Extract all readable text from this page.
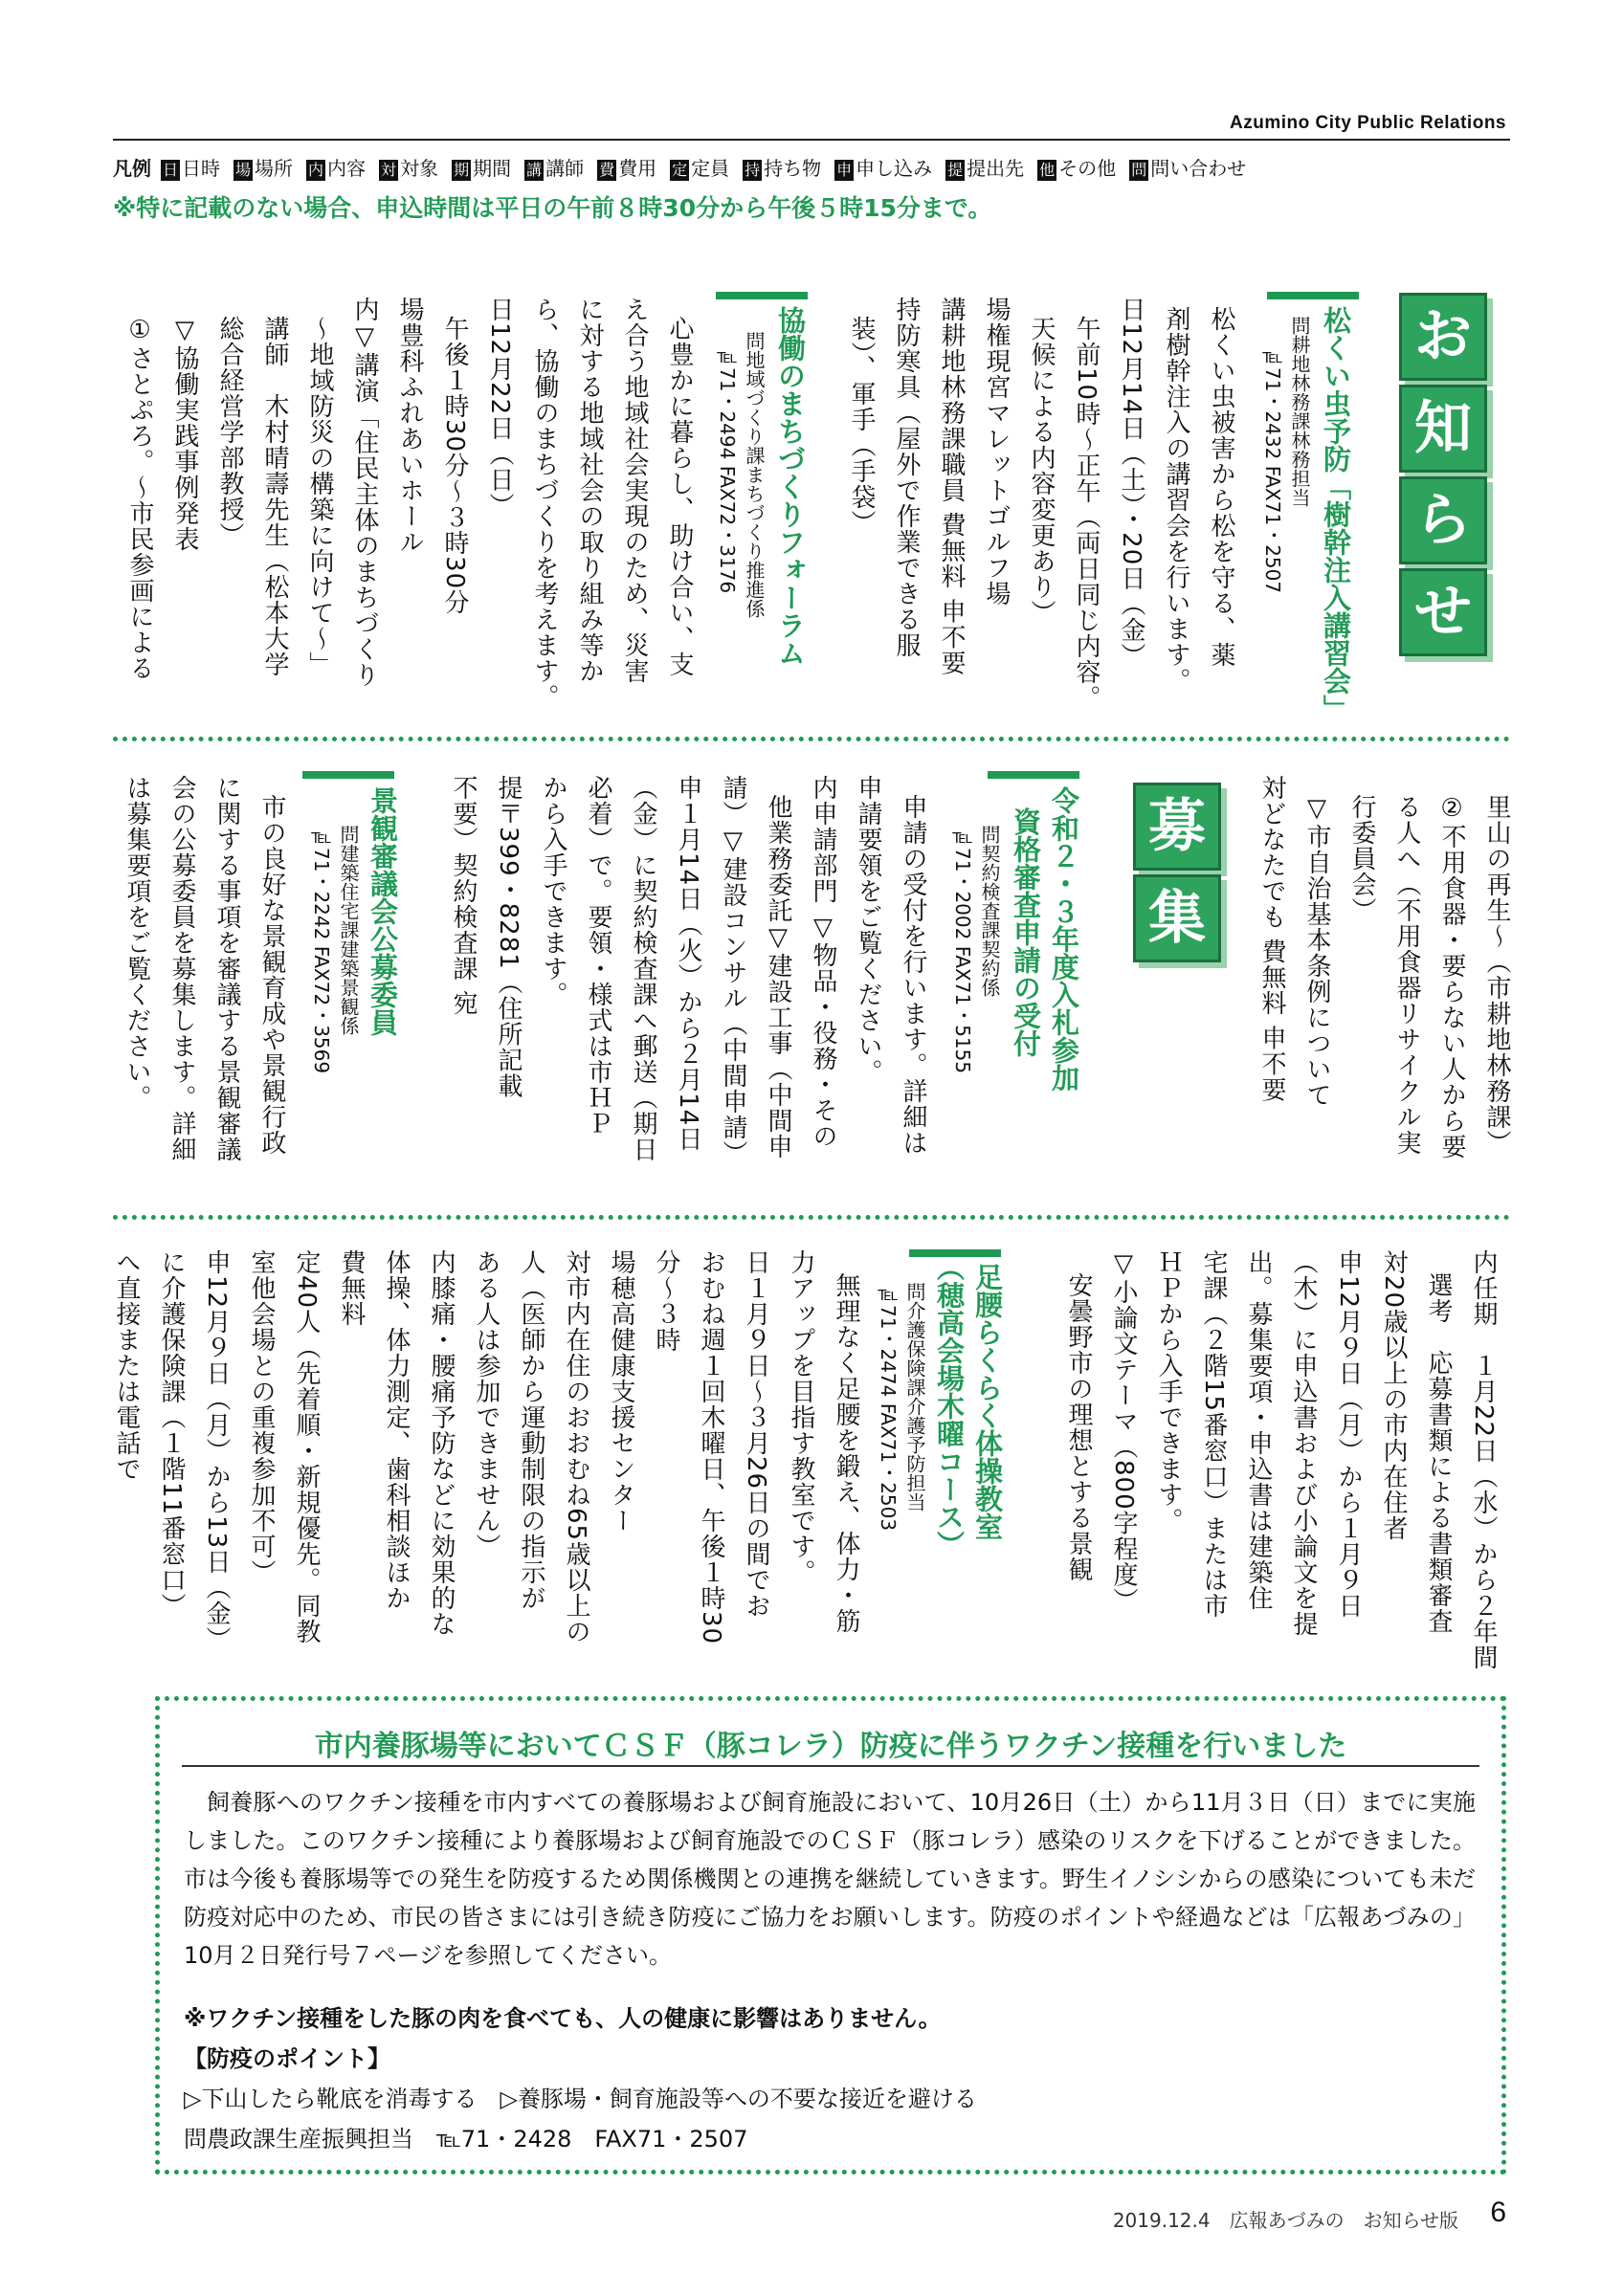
Azumino City Public Relations
凡例 日 日時 場 場所 内 内容 対 対象 期 期間 講 講師 費 費用 定 定員 持 持ち物 申 申し込み 提 提出先 他 その他 問 問い合わせ
※特に記載のない場合、申込時間は平日の午前８時30分から午後５時15分まで。
お
知
ら
せ
松くい虫予防「樹幹注入講習会」
問耕地林務課林務担当
℡71・2432 FAX71・2507
松くい虫被害から松を守る、薬
剤樹幹注入の講習会を行います。
日12月14日（土）・20日（金）
午前10時〜正午（両日同じ内容。
天候による内容変更あり）
場権現宮マレットゴルフ場
講耕地林務課職員 費無料 申不要
持防寒具（屋外で作業できる服
装）、軍手（手袋）
協働のまちづくりフォーラム
問地域づくり課まちづくり推進係
℡71・2494 FAX72・3176
心豊かに暮らし、助け合い、支
え合う地域社会実現のため、災害
に対する地域社会の取り組み等か
ら、協働のまちづくりを考えます。
日12月22日（日）
午後１時30分〜３時30分
場豊科ふれあいホール
内▽講演「住民主体のまちづくり
〜地域防災の構築に向けて〜」
講師　木村晴壽先生（松本大学
総合経営学部教授）
▽協働実践事例発表
①さとぷろ。〜市民参画による
里山の再生〜（市耕地林務課）
②不用食器・要らない人から要
る人へ（不用食器リサイクル実
行委員会）
▽市自治基本条例について
対どなたでも 費無料 申不要
募
集
令和２・３年度入札参加
資格審査申請の受付
問契約検査課契約係
℡71・2002 FAX71・5155
申請の受付を行います。詳細は
申請要領をご覧ください。
内申請部門 ▽物品・役務・その
他業務委託▽建設工事（中間申
請）▽建設コンサル（中間申請）
申１月14日（火）から２月14日
（金）に契約検査課へ郵送（期日
必着）で。要領・様式は市ＨＰ
から入手できます。
提〒399・8281（住所記載
不要）契約検査課 宛
景観審議会公募委員
問建築住宅課建築景観係
℡71・2242 FAX72・3569
市の良好な景観育成や景観行政
に関する事項を審議する景観審議
会の公募委員を募集します。詳細
は募集要項をご覧ください。
内任期　１月22日（水）から２年間
選考　応募書類による書類審査
対20歳以上の市内在住者
申12月９日（月）から１月９日
（木）に申込書および小論文を提
出。募集要項・申込書は建築住
宅課（２階15番窓口）または市
ＨＰから入手できます。
▽小論文テーマ（800字程度）
安曇野市の理想とする景観
足腰らくらく体操教室
（穂高会場木曜コース）
問介護保険課介護予防担当
℡71・2474 FAX71・2503
無理なく足腰を鍛え、体力・筋
力アップを目指す教室です。
日１月９日〜３月26日の間でお
おむね週１回木曜日、午後１時30
分〜３時
場穂高健康支援センター
対市内在住のおおむね65歳以上の
人（医師から運動制限の指示が
ある人は参加できません）
内膝痛・腰痛予防などに効果的な
体操、体力測定、歯科相談ほか
費無料
定40人（先着順・新規優先。同教
室他会場との重複参加不可）
申12月９日（月）から13日（金）
に介護保険課（１階11番窓口）
へ直接または電話で
市内養豚場等においてＣＳＦ（豚コレラ）防疫に伴うワクチン接種を行いました
飼養豚へのワクチン接種を市内すべての養豚場および飼育施設において、10月26日（土）から11月３日（日）までに実施しました。このワクチン接種により養豚場および飼育施設でのＣＳＦ（豚コレラ）感染のリスクを下げることができました。市は今後も養豚場等での発生を防疫するため関係機関との連携を継続していきます。野生イノシシからの感染についても未だ防疫対応中のため、市民の皆さまには引き続き防疫にご協力をお願いします。防疫のポイントや経過などは「広報あづみの」10月２日発行号７ページを参照してください。
※ワクチン接種をした豚の肉を食べても、人の健康に影響はありません。
【防疫のポイント】
▷下山したら靴底を消毒する　▷養豚場・飼育施設等への不要な接近を避ける
問農政課生産振興担当　℡71・2428　FAX71・2507
2019.12.4　広報あづみの　お知らせ版 6
